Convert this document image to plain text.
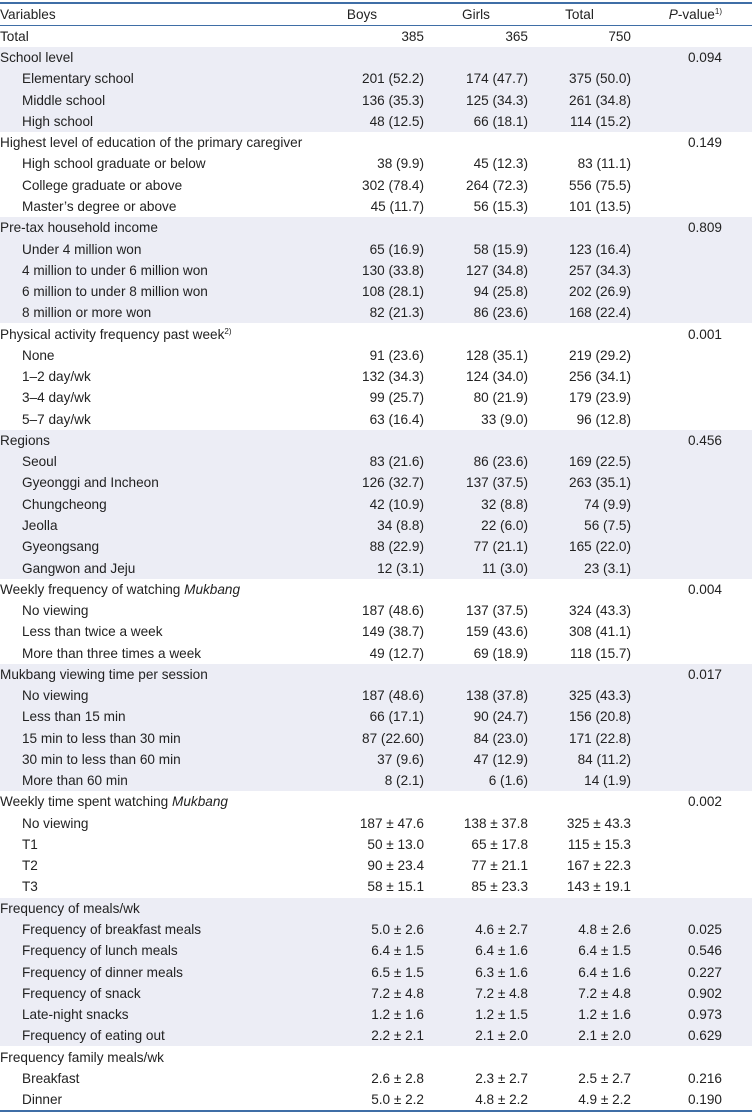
Variables	Boys	Girls	Total	P-value$^{1)}$
Total	385	365	750	
School level				0.094
Elementary school	201 (52.2)	174 (47.7)	375 (50.0)	
Middle school	136 (35.3)	125 (34.3)	261 (34.8)	
High school	48 (12.5)	66 (18.1)	114 (15.2)	
Highest level of education of the primary caregiver				0.149
High school graduate or below	38 (9.9)	45 (12.3)	83 (11.1)	
College graduate or above	302 (78.4)	264 (72.3)	556 (75.5)	
Master’s degree or above	45 (11.7)	56 (15.3)	101 (13.5)	
Pre-tax household income				0.809
Under 4 million won	65 (16.9)	58 (15.9)	123 (16.4)	
4 million to under 6 million won	130 (33.8)	127 (34.8)	257 (34.3)	
6 million to under 8 million won	108 (28.1)	94 (25.8)	202 (26.9)	
8 million or more won	82 (21.3)	86 (23.6)	168 (22.4)	
Physical activity frequency past week$^{2)}$				0.001
None	91 (23.6)	128 (35.1)	219 (29.2)	
1–2 day/wk	132 (34.3)	124 (34.0)	256 (34.1)	
3–4 day/wk	99 (25.7)	80 (21.9)	179 (23.9)	
5–7 day/wk	63 (16.4)	33 (9.0)	96 (12.8)	
Regions				0.456
Seoul	83 (21.6)	86 (23.6)	169 (22.5)	
Gyeonggi and Incheon	126 (32.7)	137 (37.5)	263 (35.1)	
Chungcheong	42 (10.9)	32 (8.8)	74 (9.9)	
Jeolla	34 (8.8)	22 (6.0)	56 (7.5)	
Gyeongsang	88 (22.9)	77 (21.1)	165 (22.0)	
Gangwon and Jeju	12 (3.1)	11 (3.0)	23 (3.1)	
Weekly frequency of watching Mukbang				0.004
No viewing	187 (48.6)	137 (37.5)	324 (43.3)	
Less than twice a week	149 (38.7)	159 (43.6)	308 (41.1)	
More than three times a week	49 (12.7)	69 (18.9)	118 (15.7)	
Mukbang viewing time per session				0.017
No viewing	187 (48.6)	138 (37.8)	325 (43.3)	
Less than 15 min	66 (17.1)	90 (24.7)	156 (20.8)	
15 min to less than 30 min	87 (22.60)	84 (23.0)	171 (22.8)	
30 min to less than 60 min	37 (9.6)	47 (12.9)	84 (11.2)	
More than 60 min	8 (2.1)	6 (1.6)	14 (1.9)	
Weekly time spent watching Mukbang				0.002
No viewing	187 ± 47.6	138 ± 37.8	325 ± 43.3	
T1	50 ± 13.0	65 ± 17.8	115 ± 15.3	
T2	90 ± 23.4	77 ± 21.1	167 ± 22.3	
T3	58 ± 15.1	85 ± 23.3	143 ± 19.1	
Frequency of meals/wk				
Frequency of breakfast meals	5.0 ± 2.6	4.6 ± 2.7	4.8 ± 2.6	0.025
Frequency of lunch meals	6.4 ± 1.5	6.4 ± 1.6	6.4 ± 1.5	0.546
Frequency of dinner meals	6.5 ± 1.5	6.3 ± 1.6	6.4 ± 1.6	0.227
Frequency of snack	7.2 ± 4.8	7.2 ± 4.8	7.2 ± 4.8	0.902
Late-night snacks	1.2 ± 1.6	1.2 ± 1.5	1.2 ± 1.6	0.973
Frequency of eating out	2.2 ± 2.1	2.1 ± 2.0	2.1 ± 2.0	0.629
Frequency family meals/wk				
Breakfast	2.6 ± 2.8	2.3 ± 2.7	2.5 ± 2.7	0.216
Dinner	5.0 ± 2.2	4.8 ± 2.2	4.9 ± 2.2	0.190
